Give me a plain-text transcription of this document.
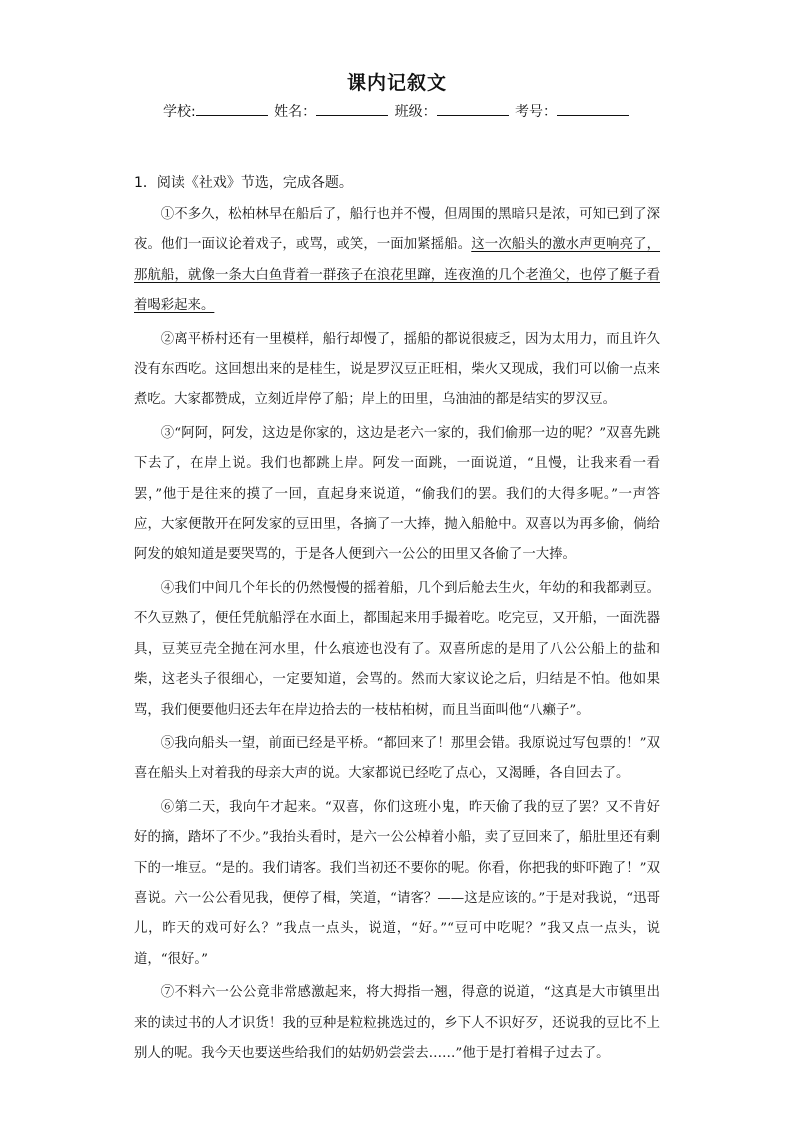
课内记叙文
学校:	姓名：	班级：	考号：
1．阅读《社戏》节选，完成各题。

①不多久，松柏林早在船后了，船行也并不慢，但周围的黑暗只是浓，可知已到了深夜。他们一面议论着戏子，或骂，或笑，一面加紧摇船。这一次船头的激水声更响亮了，那航船，就像一条大白鱼背着一群孩子在浪花里蹿，连夜渔的几个老渔父，也停了艇子看着喝彩起来。

②离平桥村还有一里模样，船行却慢了，摇船的都说很疲乏，因为太用力，而且许久没有东西吃。这回想出来的是桂生，说是罗汉豆正旺相，柴火又现成，我们可以偷一点来煮吃。大家都赞成，立刻近岸停了船；岸上的田里，乌油油的都是结实的罗汉豆。

③“阿阿，阿发，这边是你家的，这边是老六一家的，我们偷那一边的呢？”双喜先跳下去了，在岸上说。我们也都跳上岸。阿发一面跳，一面说道，“且慢，让我来看一看罢，”他于是往来的摸了一回，直起身来说道，“偷我们的罢。我们的大得多呢。”一声答应，大家便散开在阿发家的豆田里，各摘了一大捧，抛入船舱中。双喜以为再多偷，倘给阿发的娘知道是要哭骂的，于是各人便到六一公公的田里又各偷了一大捧。

④我们中间几个年长的仍然慢慢的摇着船，几个到后舱去生火，年幼的和我都剥豆。不久豆熟了，便任凭航船浮在水面上，都围起来用手撮着吃。吃完豆，又开船，一面洗器具，豆荚豆壳全抛在河水里，什么痕迹也没有了。双喜所虑的是用了八公公船上的盐和柴，这老头子很细心，一定要知道，会骂的。然而大家议论之后，归结是不怕。他如果骂，我们便要他归还去年在岸边拾去的一枝枯桕树，而且当面叫他“八癞子”。

⑤我向船头一望，前面已经是平桥。“都回来了！那里会错。我原说过写包票的！”双喜在船头上对着我的母亲大声的说。大家都说已经吃了点心，又渴睡，各自回去了。

⑥第二天，我向午才起来。“双喜，你们这班小鬼，昨天偷了我的豆了罢？又不肯好好的摘，踏坏了不少。”我抬头看时，是六一公公棹着小船，卖了豆回来了，船肚里还有剩下的一堆豆。“是的。我们请客。我们当初还不要你的呢。你看，你把我的虾吓跑了！”双喜说。六一公公看见我，便停了楫，笑道，“请客？——这是应该的。”于是对我说，“迅哥儿，昨天的戏可好么？”我点一点头，说道，“好。”“豆可中吃呢？”我又点一点头，说道，“很好。”

⑦不料六一公公竟非常感激起来，将大拇指一翘，得意的说道，“这真是大市镇里出来的读过书的人才识货！我的豆种是粒粒挑选过的，乡下人不识好歹，还说我的豆比不上别人的呢。我今天也要送些给我们的姑奶奶尝尝去……”他于是打着楫子过去了。
